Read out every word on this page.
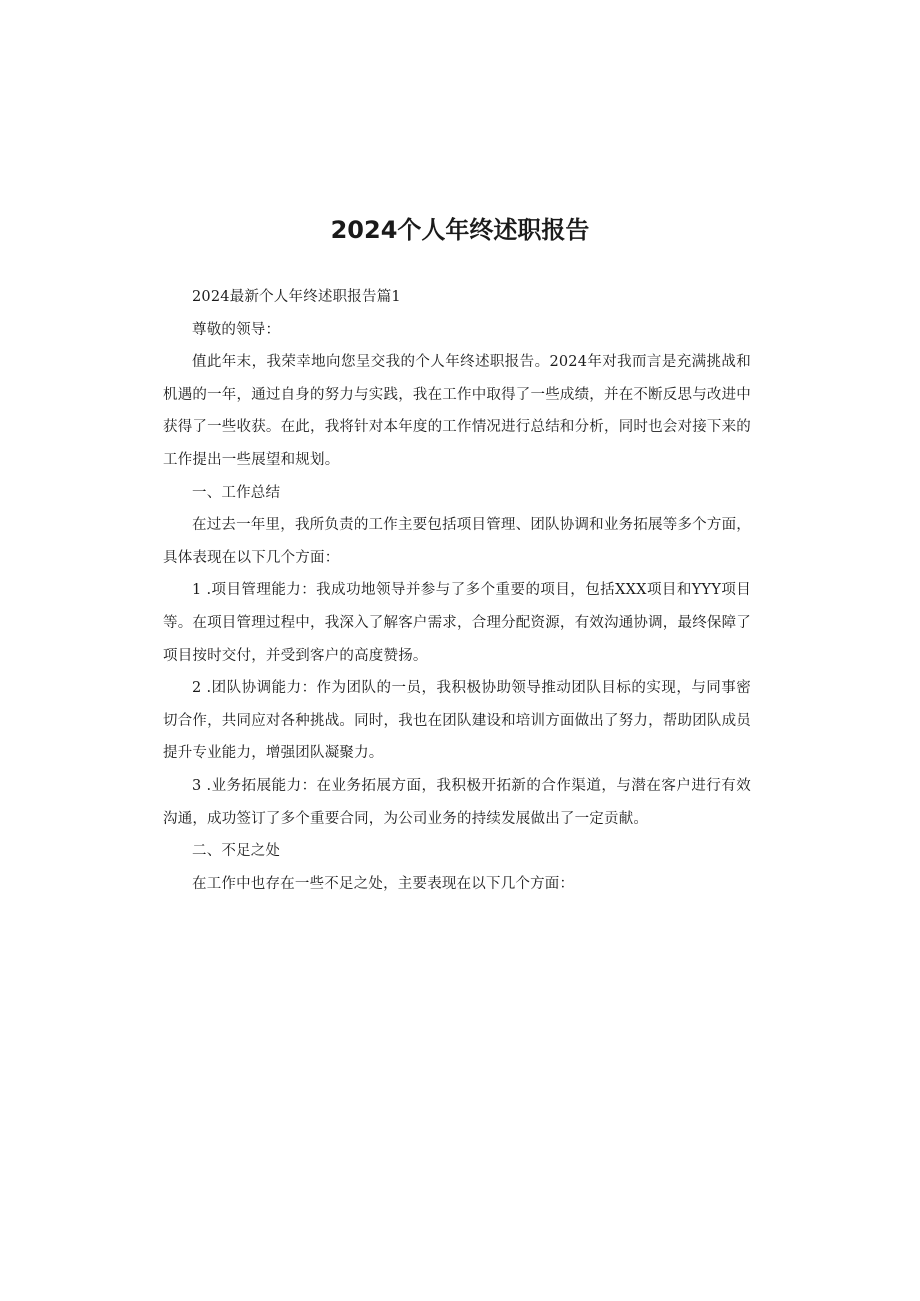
2024个人年终述职报告

2024最新个人年终述职报告篇1

尊敬的领导：

值此年末，我荣幸地向您呈交我的个人年终述职报告。2024年对我而言是充满挑战和机遇的一年，通过自身的努力与实践，我在工作中取得了一些成绩，并在不断反思与改进中获得了一些收获。在此，我将针对本年度的工作情况进行总结和分析，同时也会对接下来的工作提出一些展望和规划。

一、工作总结

在过去一年里，我所负责的工作主要包括项目管理、团队协调和业务拓展等多个方面，具体表现在以下几个方面：

1 .项目管理能力：我成功地领导并参与了多个重要的项目，包括XXX项目和YYY项目等。在项目管理过程中，我深入了解客户需求，合理分配资源，有效沟通协调，最终保障了项目按时交付，并受到客户的高度赞扬。

2 .团队协调能力：作为团队的一员，我积极协助领导推动团队目标的实现，与同事密切合作，共同应对各种挑战。同时，我也在团队建设和培训方面做出了努力，帮助团队成员提升专业能力，增强团队凝聚力。

3 .业务拓展能力：在业务拓展方面，我积极开拓新的合作渠道，与潜在客户进行有效沟通，成功签订了多个重要合同，为公司业务的持续发展做出了一定贡献。

二、不足之处

在工作中也存在一些不足之处，主要表现在以下几个方面：
